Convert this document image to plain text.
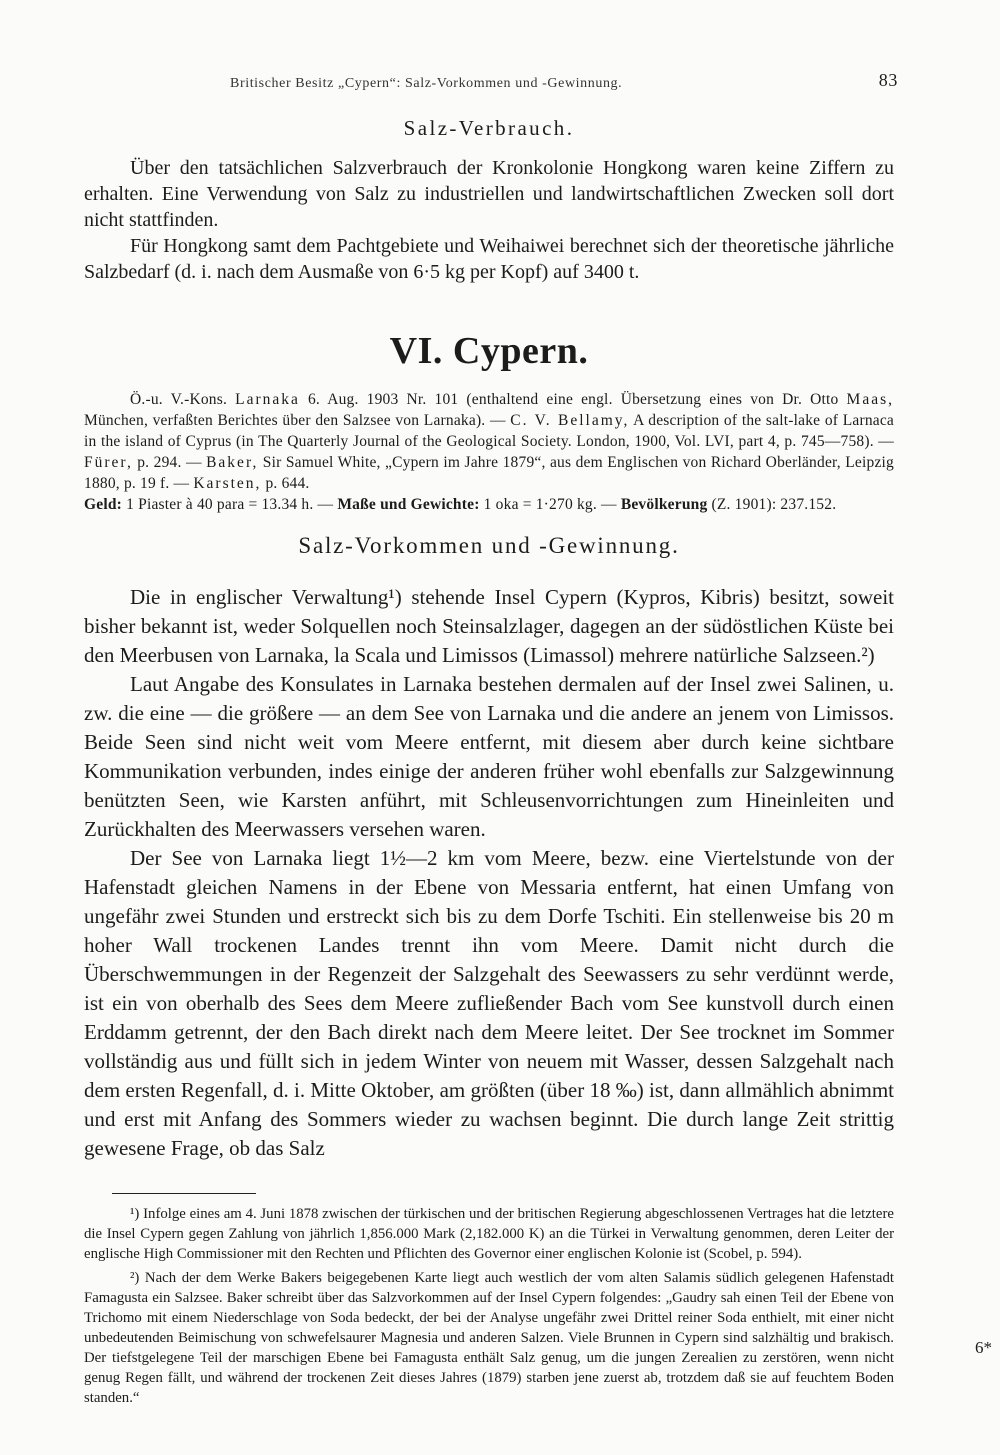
Britischer Besitz „Cypern“: Salz-Vorkommen und -Gewinnung.	83
Salz-Verbrauch.

Über den tatsächlichen Salzverbrauch der Kronkolonie Hongkong waren keine Ziffern zu erhalten. Eine Verwendung von Salz zu industriellen und landwirtschaftlichen Zwecken soll dort nicht stattfinden.

Für Hongkong samt dem Pachtgebiete und Weihaiwei berechnet sich der theoretische jährliche Salzbedarf (d. i. nach dem Ausmaße von 6·5 kg per Kopf) auf 3400 t.

VI. Cypern.

Ö.-u. V.-Kons. Larnaka 6. Aug. 1903 Nr. 101 (enthaltend eine engl. Übersetzung eines von Dr. Otto Maas, München, verfaßten Berichtes über den Salzsee von Larnaka). — C. V. Bellamy, A description of the salt-lake of Larnaca in the island of Cyprus (in The Quarterly Journal of the Geological Society. London, 1900, Vol. LVI, part 4, p. 745—758). — Fürer, p. 294. — Baker, Sir Samuel White, „Cypern im Jahre 1879“, aus dem Englischen von Richard Oberländer, Leipzig 1880, p. 19 f. — Karsten, p. 644.
Geld: 1 Piaster à 40 para = 13.34 h. — Maße und Gewichte: 1 oka = 1·270 kg. — Bevölkerung (Z. 1901): 237.152.

Salz-Vorkommen und -Gewinnung.

Die in englischer Verwaltung¹) stehende Insel Cypern (Kypros, Kibris) besitzt, soweit bisher bekannt ist, weder Solquellen noch Steinsalzlager, dagegen an der südöstlichen Küste bei den Meerbusen von Larnaka, la Scala und Limissos (Limassol) mehrere natürliche Salzseen.²)

Laut Angabe des Konsulates in Larnaka bestehen dermalen auf der Insel zwei Salinen, u. zw. die eine — die größere — an dem See von Larnaka und die andere an jenem von Limissos. Beide Seen sind nicht weit vom Meere entfernt, mit diesem aber durch keine sichtbare Kommunikation verbunden, indes einige der anderen früher wohl ebenfalls zur Salzgewinnung benützten Seen, wie Karsten anführt, mit Schleusenvorrichtungen zum Hineinleiten und Zurückhalten des Meerwassers versehen waren.

Der See von Larnaka liegt 1½—2 km vom Meere, bezw. eine Viertelstunde von der Hafenstadt gleichen Namens in der Ebene von Messaria entfernt, hat einen Umfang von ungefähr zwei Stunden und erstreckt sich bis zu dem Dorfe Tschiti. Ein stellenweise bis 20 m hoher Wall trockenen Landes trennt ihn vom Meere. Damit nicht durch die Überschwemmungen in der Regenzeit der Salzgehalt des Seewassers zu sehr verdünnt werde, ist ein von oberhalb des Sees dem Meere zufließender Bach vom See kunstvoll durch einen Erddamm getrennt, der den Bach direkt nach dem Meere leitet. Der See trocknet im Sommer vollständig aus und füllt sich in jedem Winter von neuem mit Wasser, dessen Salzgehalt nach dem ersten Regenfall, d. i. Mitte Oktober, am größten (über 18 ‰) ist, dann allmählich abnimmt und erst mit Anfang des Sommers wieder zu wachsen beginnt. Die durch lange Zeit strittig gewesene Frage, ob das Salz

¹) Infolge eines am 4. Juni 1878 zwischen der türkischen und der britischen Regierung abgeschlossenen Vertrages hat die letztere die Insel Cypern gegen Zahlung von jährlich 1,856.000 Mark (2,182.000 K) an die Türkei in Verwaltung genommen, deren Leiter der englische High Commissioner mit den Rechten und Pflichten des Governor einer englischen Kolonie ist (Scobel, p. 594).

²) Nach der dem Werke Bakers beigegebenen Karte liegt auch westlich der vom alten Salamis südlich gelegenen Hafenstadt Famagusta ein Salzsee. Baker schreibt über das Salzvorkommen auf der Insel Cypern folgendes: „Gaudry sah einen Teil der Ebene von Trichomo mit einem Niederschlage von Soda bedeckt, der bei der Analyse ungefähr zwei Drittel reiner Soda enthielt, mit einer nicht unbedeutenden Beimischung von schwefelsaurer Magnesia und anderen Salzen. Viele Brunnen in Cypern sind salzhältig und brakisch. Der tiefstgelegene Teil der marschigen Ebene bei Famagusta enthält Salz genug, um die jungen Zerealien zu zerstören, wenn nicht genug Regen fällt, und während der trockenen Zeit dieses Jahres (1879) starben jene zuerst ab, trotzdem daß sie auf feuchtem Boden standen.“

6*
